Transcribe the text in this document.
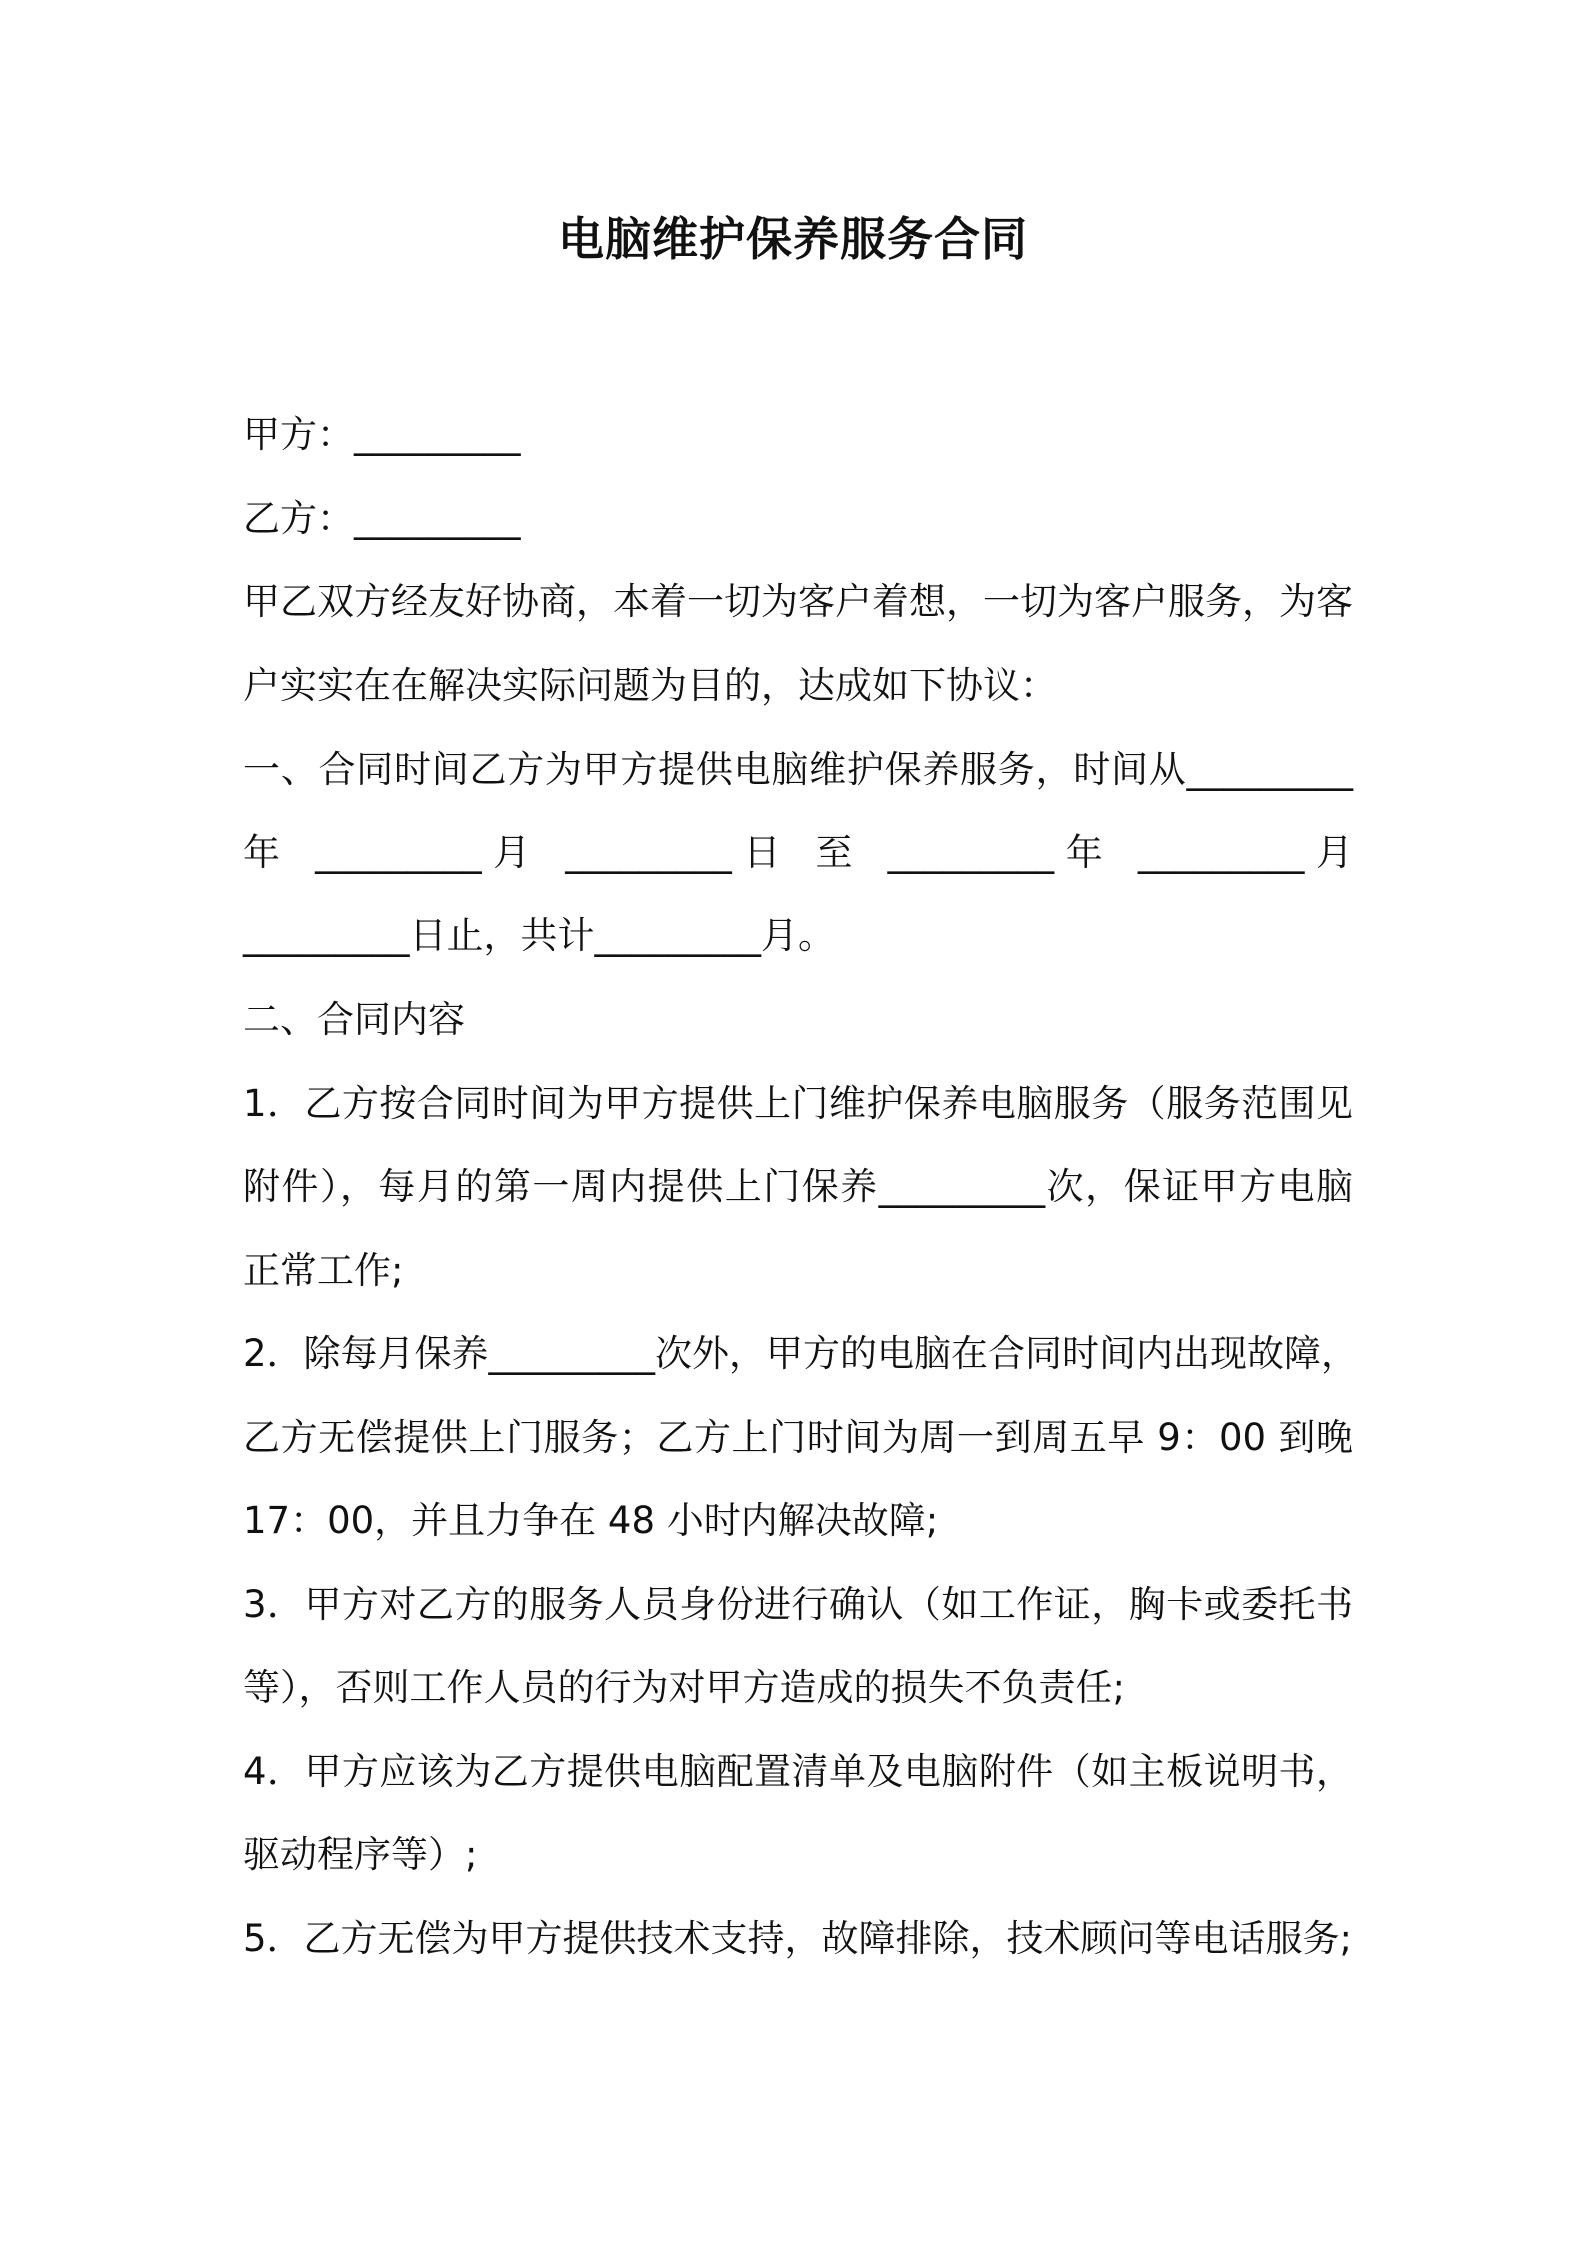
电脑维护保养服务合同
甲方：_________
乙方：_________
甲乙双方经友好协商，本着一切为客户着想，一切为客户服务，为客
户实实在在解决实际问题为目的，达成如下协议：
一、合同时间乙方为甲方提供电脑维护保养服务，时间从_________
年 _________月 _________日 至 _________年 _________月
_________日止，共计_________月。
二、合同内容
1．乙方按合同时间为甲方提供上门维护保养电脑服务（服务范围见
附件），每月的第一周内提供上门保养_________次，保证甲方电脑
正常工作;
2．除每月保养_________次外，甲方的电脑在合同时间内出现故障，
乙方无偿提供上门服务；乙方上门时间为周一到周五早 9：00 到晚
17：00，并且力争在 48 小时内解决故障;
3．甲方对乙方的服务人员身份进行确认（如工作证，胸卡或委托书
等），否则工作人员的行为对甲方造成的损失不负责任;
4．甲方应该为乙方提供电脑配置清单及电脑附件（如主板说明书，
驱动程序等）;
5．乙方无偿为甲方提供技术支持，故障排除，技术顾问等电话服务;
